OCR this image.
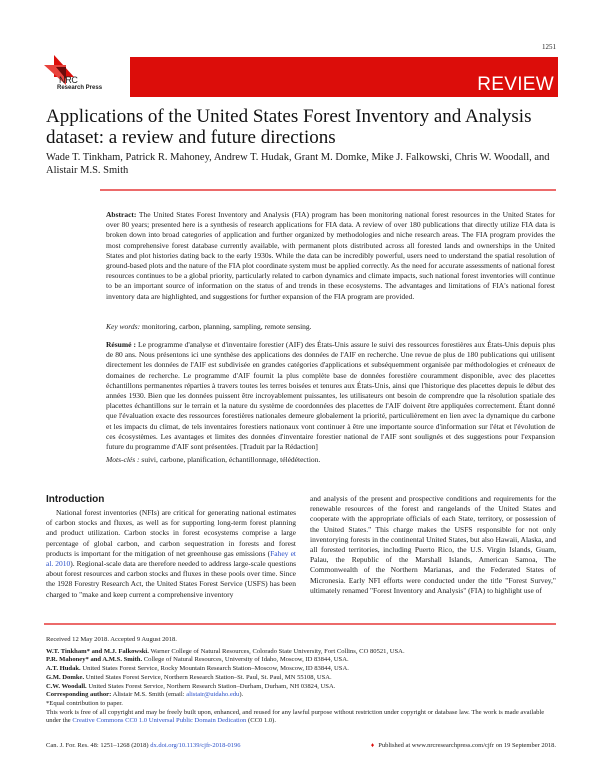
1251
NRC
Research Press	REVIEW
Applications of the United States Forest Inventory and Analysis dataset: a review and future directions
Wade T. Tinkham, Patrick R. Mahoney, Andrew T. Hudak, Grant M. Domke, Mike J. Falkowski, Chris W. Woodall, and Alistair M.S. Smith
Abstract: The United States Forest Inventory and Analysis (FIA) program has been monitoring national forest resources in the United States for over 80 years; presented here is a synthesis of research applications for FIA data. A review of over 180 publications that directly utilize FIA data is broken down into broad categories of application and further organized by methodologies and niche research areas. The FIA program provides the most comprehensive forest database currently available, with permanent plots distributed across all forested lands and ownerships in the United States and plot histories dating back to the early 1930s. While the data can be incredibly powerful, users need to understand the spatial resolution of ground-based plots and the nature of the FIA plot coordinate system must be applied correctly. As the need for accurate assessments of national forest resources continues to be a global priority, particularly related to carbon dynamics and climate impacts, such national forest inventories will continue to be an important source of information on the status of and trends in these ecosystems. The advantages and limitations of FIA's national forest inventory data are highlighted, and suggestions for further expansion of the FIA program are provided.
Key words: monitoring, carbon, planning, sampling, remote sensing.
Résumé : Le programme d'analyse et d'inventaire forestier (AIF) des États-Unis assure le suivi des ressources forestières aux États-Unis depuis plus de 80 ans. Nous présentons ici une synthèse des applications des données de l'AIF en recherche. Une revue de plus de 180 publications qui utilisent directement les données de l'AIF est subdivisée en grandes catégories d'applications et subséquemment organisée par méthodologies et créneaux de domaines de recherche. Le programme d'AIF fournit la plus complète base de données forestière couramment disponible, avec des placettes échantillons permanentes réparties à travers toutes les terres boisées et tenures aux États-Unis, ainsi que l'historique des placettes depuis le début des années 1930. Bien que les données puissent être incroyablement puissantes, les utilisateurs ont besoin de comprendre que la résolution spatiale des placettes échantillons sur le terrain et la nature du système de coordonnées des placettes de l'AIF doivent être appliquées correctement. Étant donné que l'évaluation exacte des ressources forestières nationales demeure globalement la priorité, particulièrement en lien avec la dynamique du carbone et les impacts du climat, de tels inventaires forestiers nationaux vont continuer à être une importante source d'information sur l'état et l'évolution de ces écosystèmes. Les avantages et limites des données d'inventaire forestier national de l'AIF sont soulignés et des suggestions pour l'expansion future du programme d'AIF sont présentées. [Traduit par la Rédaction]
Mots-clés : suivi, carbone, planification, échantillonnage, télédétection.
Introduction

National forest inventories (NFIs) are critical for generating national estimates of carbon stocks and fluxes, as well as for supporting long-term forest planning and product utilization. Carbon stocks in forest ecosystems comprise a large percentage of global carbon, and carbon sequestration in forests and forest products is important for the mitigation of net greenhouse gas emissions (Fahey et al. 2010). Regional-scale data are therefore needed to address large-scale questions about forest resources and carbon stocks and fluxes in these pools over time. Since the 1928 Forestry Research Act, the United States Forest Service (USFS) has been charged to "make and keep current a comprehensive inventory

and analysis of the present and prospective conditions and requirements for the renewable resources of the forest and rangelands of the United States and cooperate with the appropriate officials of each State, territory, or possession of the United States." This charge makes the USFS responsible for not only inventorying forests in the continental United States, but also Hawaii, Alaska, and all forested territories, including Puerto Rico, the U.S. Virgin Islands, Guam, Palau, the Republic of the Marshall Islands, American Samoa, The Commonwealth of the Northern Marianas, and the Federated States of Micronesia. Early NFI efforts were conducted under the title "Forest Survey," ultimately renamed "Forest Inventory and Analysis" (FIA) to highlight use of
Received 12 May 2018. Accepted 9 August 2018.
W.T. Tinkham* and M.J. Falkowski. Warner College of Natural Resources, Colorado State University, Fort Collins, CO 80521, USA.
P.R. Mahoney* and A.M.S. Smith. College of Natural Resources, University of Idaho, Moscow, ID 83844, USA.
A.T. Hudak. United States Forest Service, Rocky Mountain Research Station–Moscow, Moscow, ID 83844, USA.
G.M. Domke. United States Forest Service, Northern Research Station–St. Paul, St. Paul, MN 55108, USA.
C.W. Woodall. United States Forest Service, Northern Research Station–Durham, Durham, NH 03824, USA.
Corresponding author: Alistair M.S. Smith (email: alistair@uidaho.edu).
*Equal contribution to paper.
This work is free of all copyright and may be freely built upon, enhanced, and reused for any lawful purpose without restriction under copyright or database law. The work is made available under the Creative Commons CC0 1.0 Universal Public Domain Dedication (CC0 1.0).
Can. J. For. Res. 48: 1251–1268 (2018) dx.doi.org/10.1139/cjfr-2018-0196	♦ Published at www.nrcresearchpress.com/cjfr on 19 September 2018.
